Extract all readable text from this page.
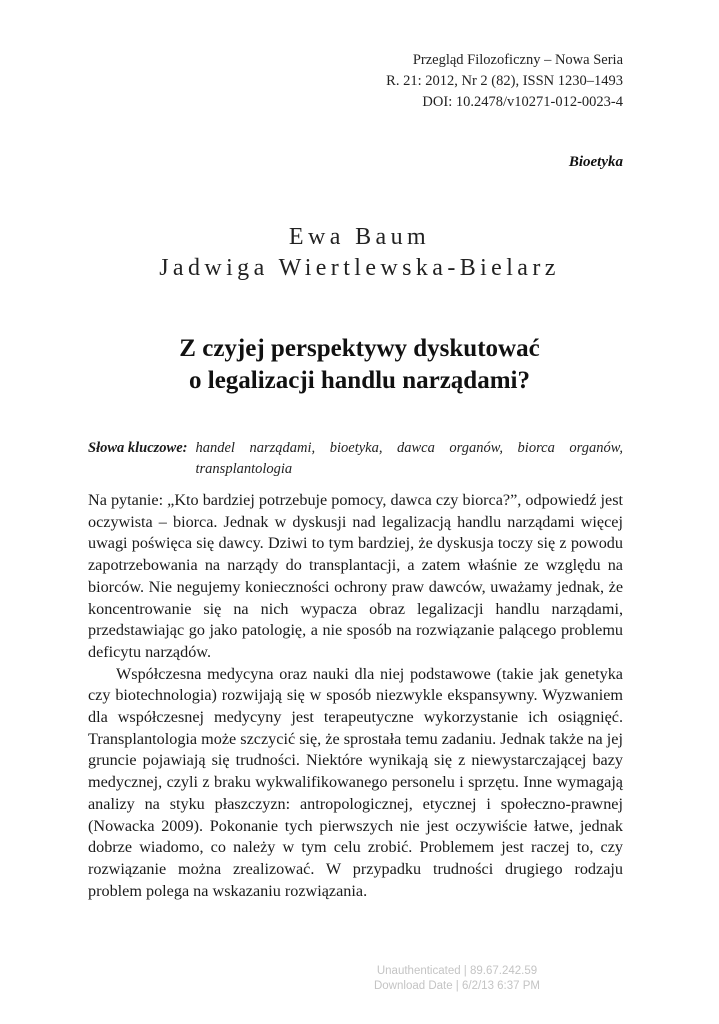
Przegląd Filozoficzny – Nowa Seria
R. 21: 2012, Nr 2 (82), ISSN 1230–1493
DOI: 10.2478/v10271-012-0023-4
Bioetyka
Ewa Baum
Jadwiga Wiertlewska-Bielarz
Z czyjej perspektywy dyskutować
o legalizacji handlu narządami?
Słowa kluczowe: handel narządami, bioetyka, dawca organów, biorca organów, transplantologia

Na pytanie: „Kto bardziej potrzebuje pomocy, dawca czy biorca?”, odpowiedź jest oczywista – biorca. Jednak w dyskusji nad legalizacją handlu narządami więcej uwagi poświęca się dawcy. Dziwi to tym bardziej, że dyskusja toczy się z powodu zapotrzebowania na narządy do transplantacji, a zatem właśnie ze względu na biorców. Nie negujemy konieczności ochrony praw dawców, uważamy jednak, że koncentrowanie się na nich wypacza obraz legalizacji handlu narządami, przedstawiając go jako patologię, a nie sposób na rozwiązanie palącego problemu deficytu narządów.

Współczesna medycyna oraz nauki dla niej podstawowe (takie jak genetyka czy biotechnologia) rozwijają się w sposób niezwykle ekspansywny. Wyzwaniem dla współczesnej medycyny jest terapeutyczne wykorzystanie ich osiągnięć. Transplantologia może szczycić się, że sprostała temu zadaniu. Jednak także na jej gruncie pojawiają się trudności. Niektóre wynikają się z niewystarczającej bazy medycznej, czyli z braku wykwalifikowanego personelu i sprzętu. Inne wymagają analizy na styku płaszczyzn: antropologicznej, etycznej i społeczno-prawnej (Nowacka 2009). Pokonanie tych pierwszych nie jest oczywiście łatwe, jednak dobrze wiadomo, co należy w tym celu zrobić. Problemem jest raczej to, czy rozwiązanie można zrealizować. W przypadku trudności drugiego rodzaju problem polega na wskazaniu rozwiązania.

Unauthenticated | 89.67.242.59
Download Date | 6/2/13 6:37 PM
